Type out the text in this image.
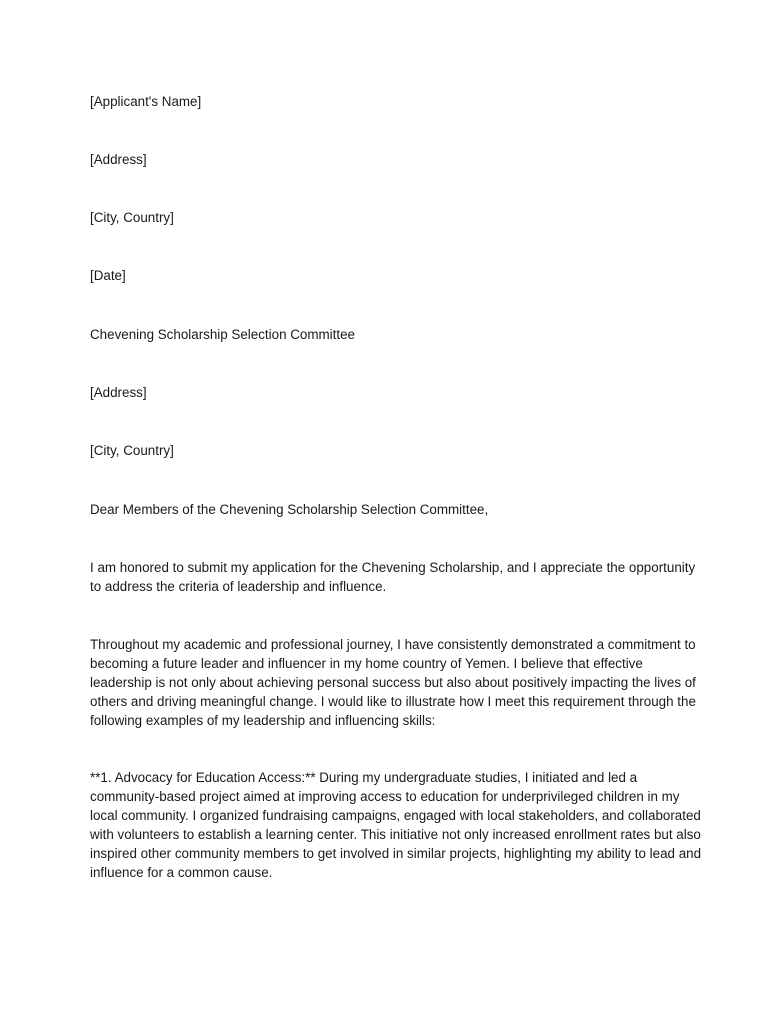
[Applicant's Name]

[Address]

[City, Country]

[Date]

Chevening Scholarship Selection Committee

[Address]

[City, Country]

Dear Members of the Chevening Scholarship Selection Committee,

I am honored to submit my application for the Chevening Scholarship, and I appreciate the opportunity
to address the criteria of leadership and influence.
Throughout my academic and professional journey, I have consistently demonstrated a commitment to
becoming a future leader and influencer in my home country of Yemen. I believe that effective
leadership is not only about achieving personal success but also about positively impacting the lives of
others and driving meaningful change. I would like to illustrate how I meet this requirement through the
following examples of my leadership and influencing skills:
**1. Advocacy for Education Access:** During my undergraduate studies, I initiated and led a
community-based project aimed at improving access to education for underprivileged children in my
local community. I organized fundraising campaigns, engaged with local stakeholders, and collaborated
with volunteers to establish a learning center. This initiative not only increased enrollment rates but also
inspired other community members to get involved in similar projects, highlighting my ability to lead and
influence for a common cause.
